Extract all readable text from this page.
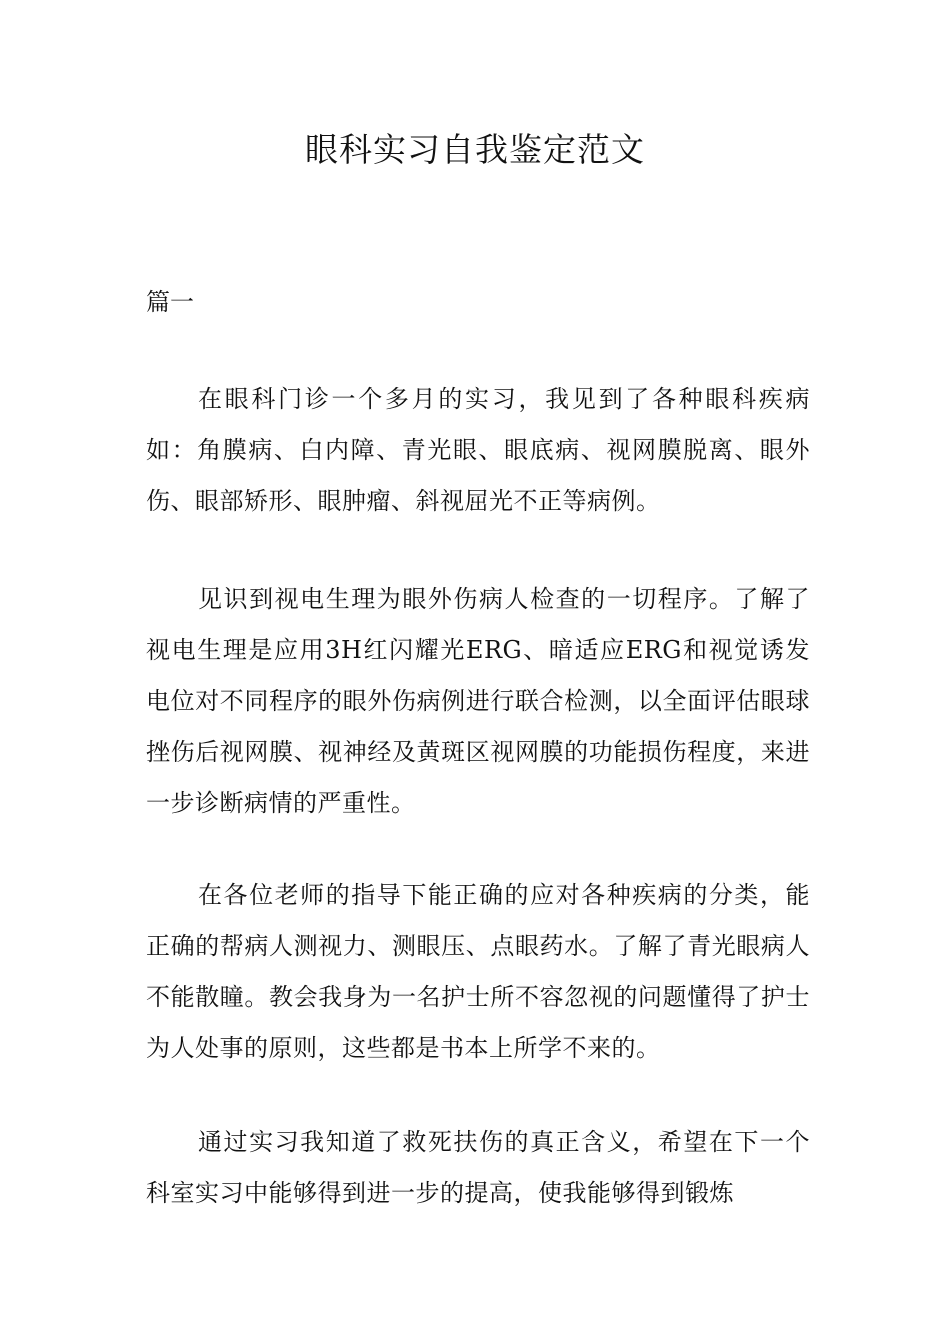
眼科实习自我鉴定范文
篇一

在眼科门诊一个多月的实习，我见到了各种眼科疾病如：角膜病、白内障、青光眼、眼底病、视网膜脱离、眼外伤、眼部矫形、眼肿瘤、斜视屈光不正等病例。

见识到视电生理为眼外伤病人检查的一切程序。了解了视电生理是应用3H红闪耀光ERG、暗适应ERG和视觉诱发电位对不同程序的眼外伤病例进行联合检测，以全面评估眼球挫伤后视网膜、视神经及黄斑区视网膜的功能损伤程度，来进一步诊断病情的严重性。

在各位老师的指导下能正确的应对各种疾病的分类，能正确的帮病人测视力、测眼压、点眼药水。了解了青光眼病人不能散瞳。教会我身为一名护士所不容忽视的问题懂得了护士为人处事的原则，这些都是书本上所学不来的。

通过实习我知道了救死扶伤的真正含义，希望在下一个科室实习中能够得到进一步的提高，使我能够得到锻炼
